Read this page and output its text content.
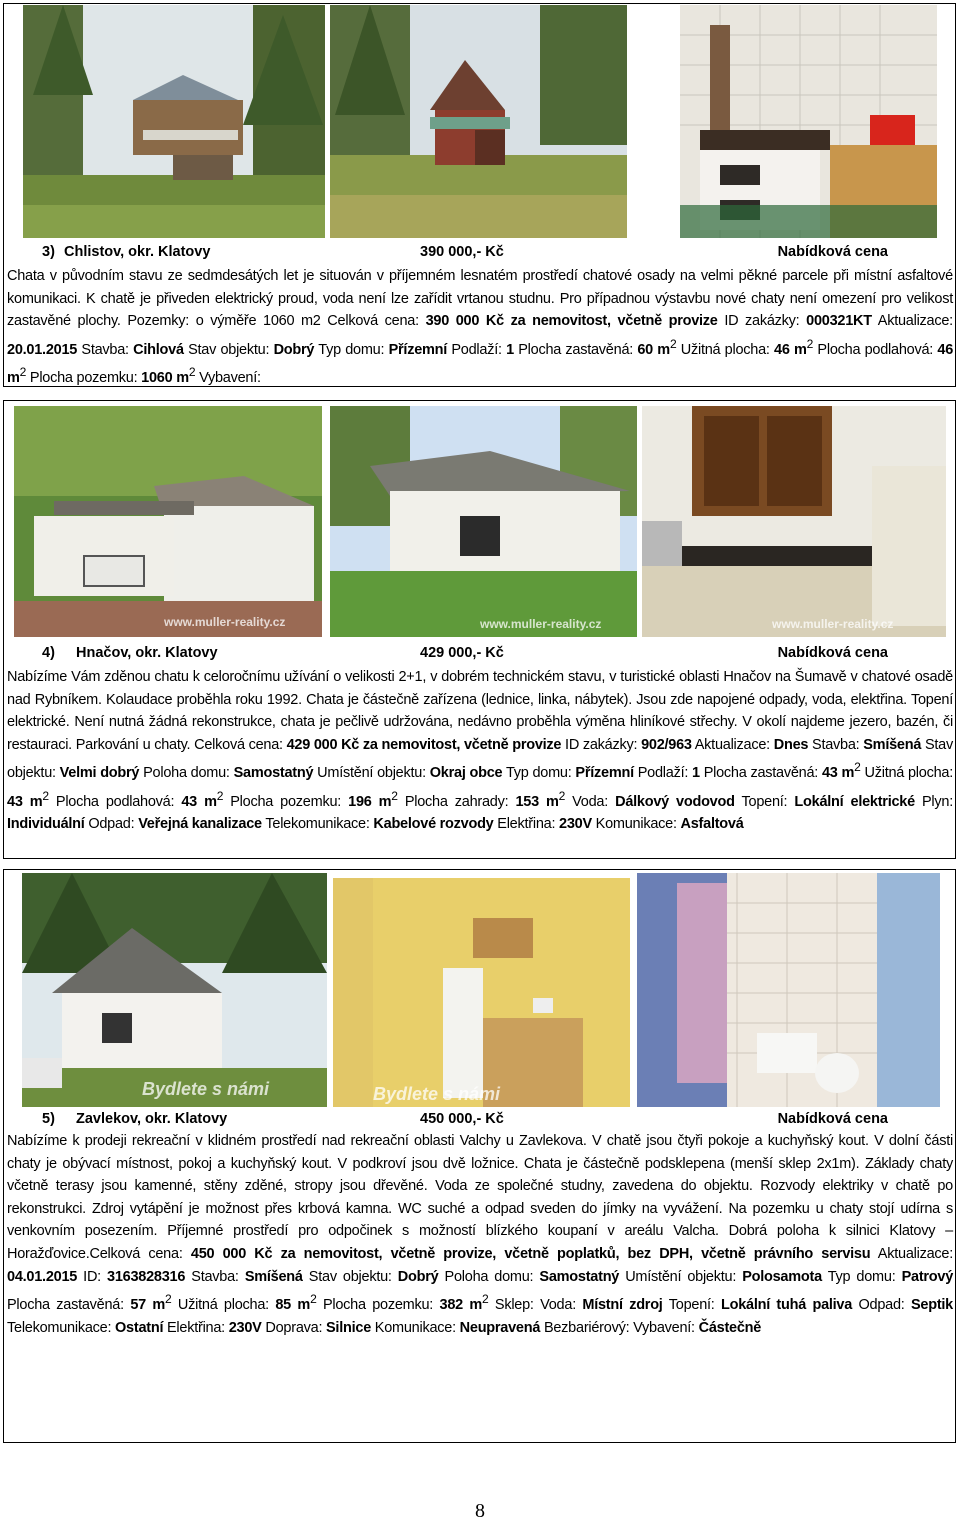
3) Chlistov, okr. Klatovy	390 000,- Kč	Nabídková cena
Chata v původním stavu ze sedmdesátých let je situován v příjemném lesnatém prostředí chatové osady na velmi pěkné parcele při místní asfaltové komunikaci. K chatě je přiveden elektrický proud, voda není lze zařídit vrtanou studnu. Pro případnou výstavbu nové chaty není omezení pro velikost zastavěné plochy. Pozemky: o výměře 1060 m2 Celková cena: 390 000 Kč za nemovitost, včetně provize ID zakázky: 000321KT Aktualizace: 20.01.2015 Stavba: Cihlová Stav objektu: Dobrý Typ domu: Přízemní Podlaží: 1 Plocha zastavěná: 60 $m^2$ Užitná plocha: 46 $m^2$ Plocha podlahová: 46 $m^2$ Plocha pozemku: 1060 $m^2$ Vybavení:
www.muller-reality.cz	www.muller-reality.cz	www.muller-reality.cz
4) Hnačov, okr. Klatovy	429 000,- Kč	Nabídková cena
Nabízíme Vám zděnou chatu k celoročnímu užívání o velikosti 2+1, v dobrém technickém stavu, v turistické oblasti Hnačov na Šumavě v chatové osadě nad Rybníkem. Kolaudace proběhla roku 1992. Chata je částečně zařízena (lednice, linka, nábytek). Jsou zde napojené odpady, voda, elektřina. Topení elektrické. Není nutná žádná rekonstrukce, chata je pečlivě udržována, nedávno proběhla výměna hliníkové střechy. V okolí najdeme jezero, bazén, či restauraci. Parkování u chaty. Celková cena: 429 000 Kč za nemovitost, včetně provize ID zakázky: 902/963 Aktualizace: Dnes Stavba: Smíšená Stav objektu: Velmi dobrý Poloha domu: Samostatný Umístění objektu: Okraj obce Typ domu: Přízemní Podlaží: 1 Plocha zastavěná: 43 $m^2$ Užitná plocha: 43 $m^2$ Plocha podlahová: 43 $m^2$ Plocha pozemku: 196 $m^2$ Plocha zahrady: 153 $m^2$ Voda: Dálkový vodovod Topení: Lokální elektrické Plyn: Individuální Odpad: Veřejná kanalizace Telekomunikace: Kabelové rozvody Elektřina: 230V Komunikace: Asfaltová
Bydlete s námi	Bydlete s námi
5) Zavlekov, okr. Klatovy	450 000,- Kč	Nabídková cena
Nabízíme k prodeji rekreační v klidném prostředí nad rekreační oblasti Valchy u Zavlekova. V chatě jsou čtyři pokoje a kuchyňský kout. V dolní části chaty je obývací místnost, pokoj a kuchyňský kout. V podkroví jsou dvě ložnice. Chata je částečně podsklepena (menší sklep 2x1m). Základy chaty včetně terasy jsou kamenné, stěny zděné, stropy jsou dřevěné. Voda ze společné studny, zavedena do objektu. Rozvody elektriky v chatě po rekonstrukci. Zdroj vytápění je možnost přes krbová kamna. WC suché a odpad sveden do jímky na vyvážení. Na pozemku u chaty stojí udírna s venkovním posezením. Příjemné prostředí pro odpočinek s možností blízkého koupaní v areálu Valcha. Dobrá poloha k silnici Klatovy – Horažďovice.Celková cena: 450 000 Kč za nemovitost, včetně provize, včetně poplatků, bez DPH, včetně právního servisu Aktualizace: 04.01.2015 ID: 3163828316 Stavba: Smíšená Stav objektu: Dobrý Poloha domu: Samostatný Umístění objektu: Polosamota Typ domu: Patrový Plocha zastavěná: 57 $m^2$ Užitná plocha: 85 $m^2$ Plocha pozemku: 382 $m^2$ Sklep: Voda: Místní zdroj Topení: Lokální tuhá paliva Odpad: Septik Telekomunikace: Ostatní Elektřina: 230V Doprava: Silnice Komunikace: Neupravená Bezbariérový: Vybavení: Částečně
8
